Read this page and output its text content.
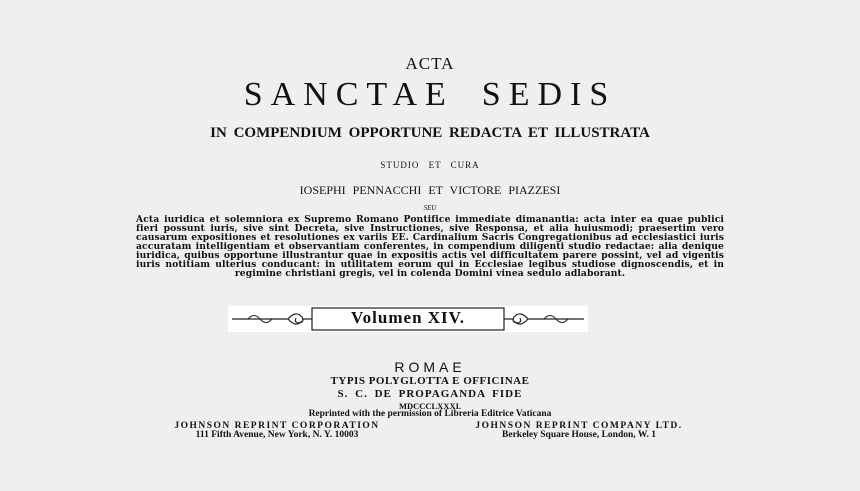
ACTA
SANCTAE SEDIS
IN COMPENDIUM OPPORTUNE REDACTA ET ILLUSTRATA
STUDIO ET CURA
IOSEPHI PENNACCHI ET VICTORE PIAZZESI
SEU
Acta iuridica et solemniora ex Supremo Romano Pontifice immediate dimanantia: acta inter ea quae publici fieri possunt iuris, sive sint Decreta, sive Instructiones, sive Responsa, et alia huiusmodi; praesertim vero causarum expositiones et resolutiones ex variis EE. Cardinalium Sacris Congregationibus ad ecclesiastici iuris accuratam intelligentiam et observantiam conferentes, in compendium diligenti studio redactae: alia denique iuridica, quibus opportune illustrantur quae in expositis actis vel difficultatem parere possint, vel ad vigentis iuris notitiam ulterius conducant: in utilitatem eorum qui in Ecclesiae legibus studiose dignoscendis, et in regimine christiani gregis, vel in colenda Domini vinea sedulo adlaborant.
Volumen XIV.
ROMAE
TYPIS POLYGLOTTA E OFFICINAE
S. C. DE PROPAGANDA FIDE
MDCCCLXXXI.
Reprinted with the permission of Libreria Editrice Vaticana
JOHNSON REPRINT CORPORATION
111 Fifth Avenue, New York, N. Y. 10003
JOHNSON REPRINT COMPANY LTD.
Berkeley Square House, London, W. 1
